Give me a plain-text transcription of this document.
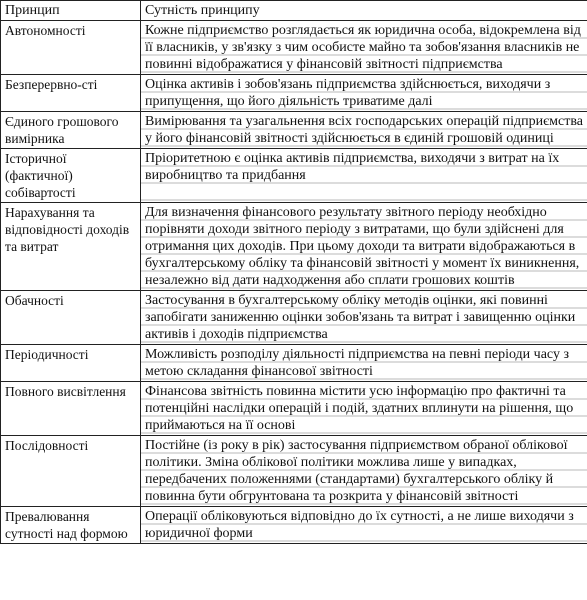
Принцип	Сутність принципу
Автономності	Кожне підприємство розглядається як юридична особа, відокремлена від її власників, у зв'язку з чим особисте майно та зобов'язання власників не повинні відображатися у фінансовій звітності підприємства
Безперервно-сті	Оцінка активів і зобов'язань підприємства здійснюється, виходячи з припущення, що його діяльність триватиме далі
Єдиного грошового вимірника	Вимірювання та узагальнення всіх господарських операцій підприємства у його фінансовій звітності здійснюється в єдиній грошовій одиниці
Історичної (фактичної) собівартості	Пріоритетною є оцінка активів підприємства, виходячи з витрат на їх виробництво та придбання
Нарахування та відповідності доходів та витрат	Для визначення фінансового результату звітного періоду необхідно порівняти доходи звітного періоду з витратами, що були здійснені для отримання цих доходів. При цьому доходи та витрати відображаються в бухгалтерському обліку та фінансовій звітності у момент їх виникнення, незалежно від дати надходження або сплати грошових коштів
Обачності	Застосування в бухгалтерському обліку методів оцінки, які повинні запобігати заниженню оцінки зобов'язань та витрат і завищенню оцінки активів і доходів підприємства
Періодичності	Можливість розподілу діяльності підприємства на певні періоди часу з метою складання фінансової звітності
Повного висвітлення	Фінансова звітність повинна містити усю інформацію про фактичні та потенційні наслідки операцій і подій, здатних вплинути на рішення, що приймаються на її основі
Послідовності	Постійне (із року в рік) застосування підприємством обраної облікової політики. Зміна облікової політики можлива лише у випадках, передбачених положеннями (стандартами) бухгалтерського обліку й повинна бути обгрунтована та розкрита у фінансовій звітності
Превалювання сутності над формою	Операції обліковуються відповідно до їх сутності, а не лише виходячи з юридичної форми
